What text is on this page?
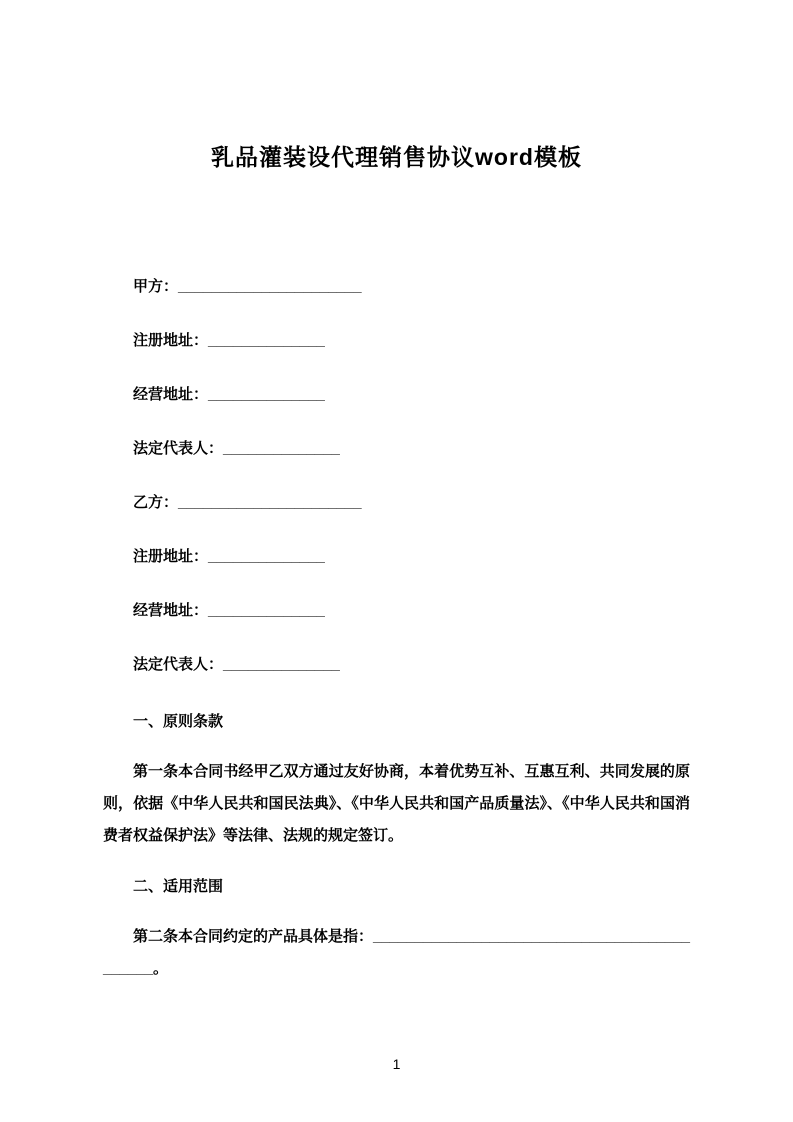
乳品灌装设代理销售协议word模板

甲方：______________________

注册地址：______________

经营地址：______________

法定代表人：______________

乙方：______________________

注册地址：______________

经营地址：______________

法定代表人：______________

一、原则条款

第一条本合同书经甲乙双方通过友好协商，本着优势互补、互惠互利、共同发展的原则，依据《中华人民共和国民法典》、《中华人民共和国产品质量法》、《中华人民共和国消费者权益保护法》等法律、法规的规定签订。

二、适用范围

第二条本合同约定的产品具体是指：____________________________________________。

1
